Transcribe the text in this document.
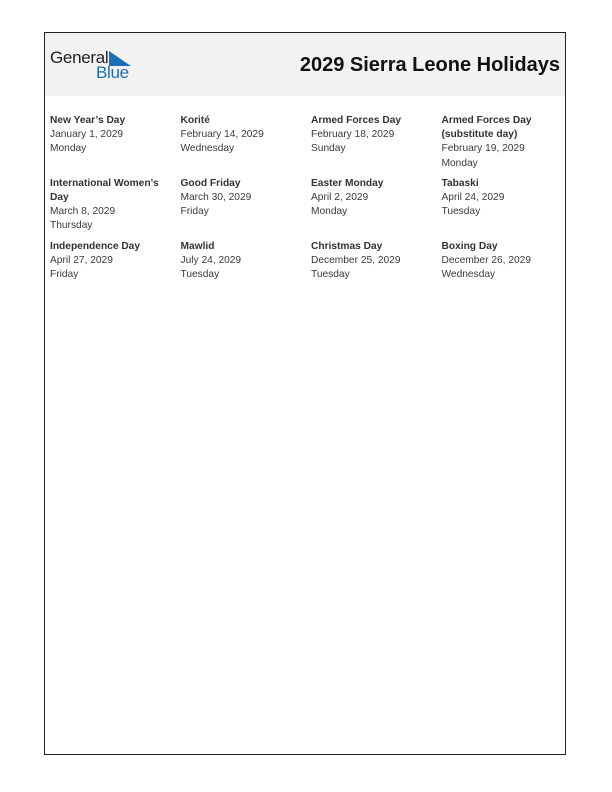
General
Blue	2029 Sierra Leone Holidays
New Year’s Day
January 1, 2029
Monday
Korité
February 14, 2029
Wednesday
Armed Forces Day
February 18, 2029
Sunday
Armed Forces Day (substitute day)
February 19, 2029
Monday
International Women’s Day
March 8, 2029
Thursday
Good Friday
March 30, 2029
Friday
Easter Monday
April 2, 2029
Monday
Tabaski
April 24, 2029
Tuesday
Independence Day
April 27, 2029
Friday
Mawlid
July 24, 2029
Tuesday
Christmas Day
December 25, 2029
Tuesday
Boxing Day
December 26, 2029
Wednesday
